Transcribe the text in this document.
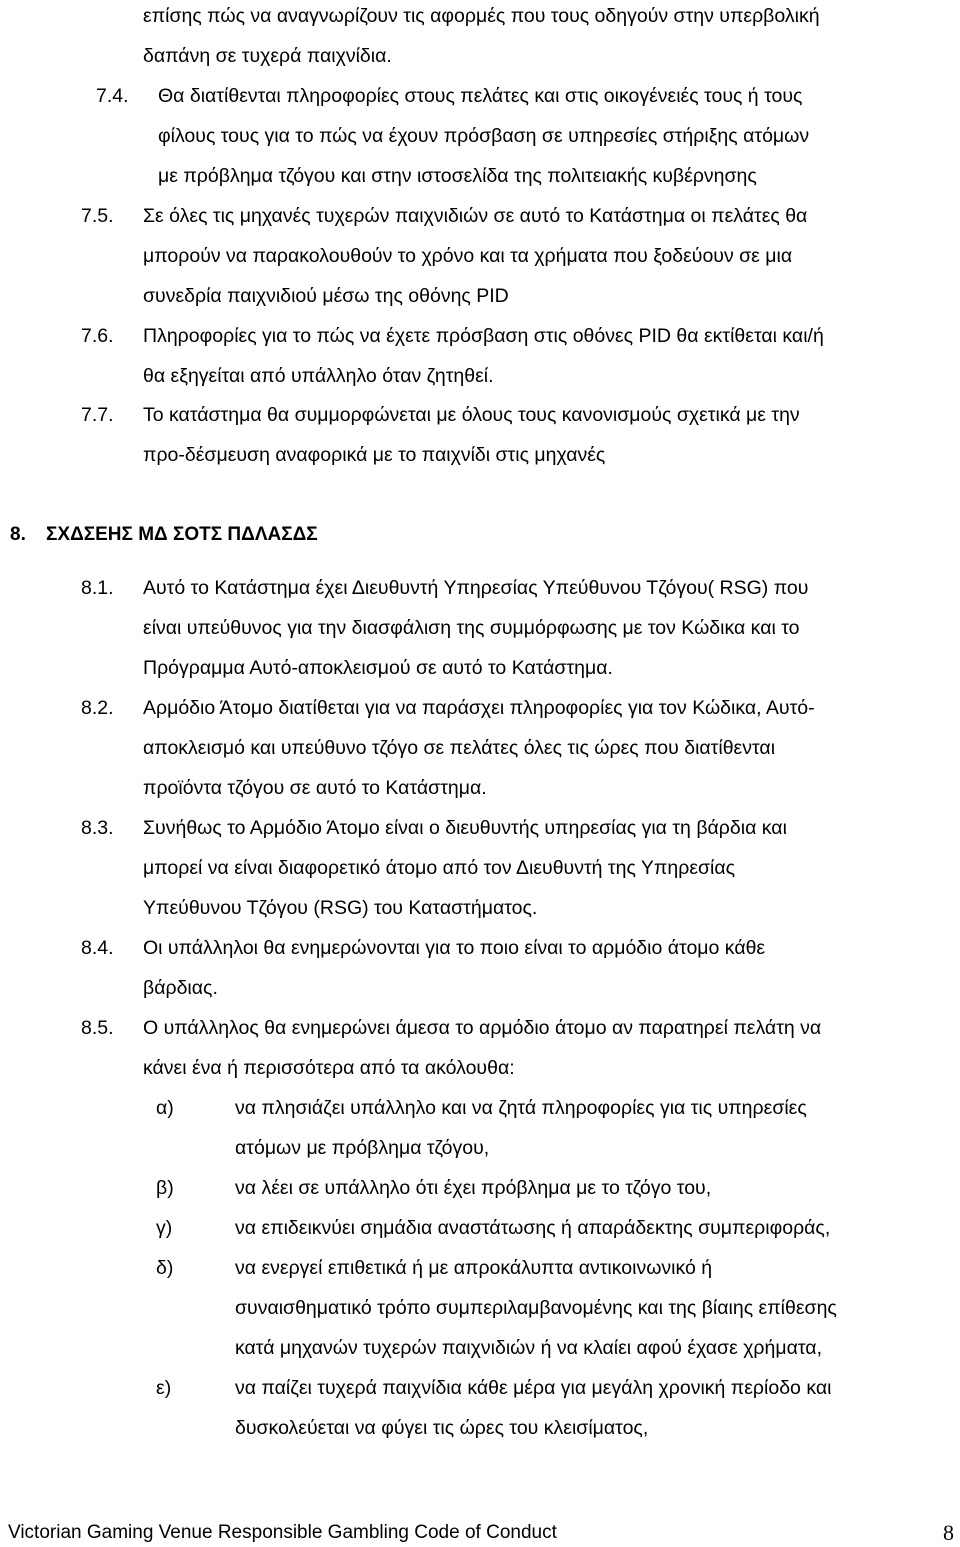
επίσης πώς να αναγνωρίζουν τις αφορμές που τους οδηγούν στην υπερβολική
δαπάνη σε τυχερά παιχνίδια.
7.4. Θα διατίθενται πληροφορίες στους πελάτες και στις οικογένειές τους ή τους
φίλους τους για το πώς να έχουν πρόσβαση σε υπηρεσίες στήριξης ατόμων
με πρόβλημα τζόγου και στην ιστοσελίδα της πολιτειακής κυβέρνησης
7.5. Σε όλες τις μηχανές τυχερών παιχνιδιών σε αυτό το Κατάστημα οι πελάτες θα
μπορούν να παρακολουθούν το χρόνο και τα χρήματα που ξοδεύουν σε μια
συνεδρία παιχνιδιού μέσω της οθόνης PID
7.6. Πληροφορίες για το πώς να έχετε πρόσβαση στις οθόνες PID θα εκτίθεται και/ή
θα εξηγείται από υπάλληλο όταν ζητηθεί.
7.7. Το κατάστημα θα συμμορφώνεται με όλους τους κανονισμούς σχετικά με την
προ-δέσμευση αναφορικά με το παιχνίδι στις μηχανές
8. ΣΧΔΣΕΗΣ ΜΔ ΣΟΤΣ ΠΔΛΑΣΔΣ
8.1. Αυτό το Κατάστημα έχει Διευθυντή Υπηρεσίας Υπεύθυνου Τζόγου( RSG) που
είναι υπεύθυνος για την διασφάλιση της συμμόρφωσης με τον Κώδικα και το
Πρόγραμμα Αυτό-αποκλεισμού σε αυτό το Κατάστημα.
8.2. Αρμόδιο Άτομο διατίθεται για να παράσχει πληροφορίες για τον Κώδικα, Αυτό-
αποκλεισμό και υπεύθυνο τζόγο σε πελάτες όλες τις ώρες που διατίθενται
προϊόντα τζόγου σε αυτό το Κατάστημα.
8.3. Συνήθως το Αρμόδιο Άτομο είναι ο διευθυντής υπηρεσίας για τη βάρδια και
μπορεί να είναι διαφορετικό άτομο από τον Διευθυντή της Υπηρεσίας
Υπεύθυνου Τζόγου (RSG) του Καταστήματος.
8.4. Οι υπάλληλοι θα ενημερώνονται για το ποιο είναι το αρμόδιο άτομο κάθε
βάρδιας.
8.5. Ο υπάλληλος θα ενημερώνει άμεσα το αρμόδιο άτομο αν παρατηρεί πελάτη να
κάνει ένα ή περισσότερα από τα ακόλουθα:
α)	να πλησιάζει υπάλληλο και να ζητά πληροφορίες για τις υπηρεσίες
ατόμων με πρόβλημα τζόγου,
β)	να λέει σε υπάλληλο ότι έχει πρόβλημα με το τζόγο του,
γ)	να επιδεικνύει σημάδια αναστάτωσης ή απαράδεκτης συμπεριφοράς,
δ)	να ενεργεί επιθετικά ή με απροκάλυπτα αντικοινωνικό ή
συναισθηματικό τρόπο συμπεριλαμβανομένης και της βίαιης επίθεσης
κατά μηχανών τυχερών παιχνιδιών ή να κλαίει αφού έχασε χρήματα,
ε)	να παίζει τυχερά παιχνίδια κάθε μέρα για μεγάλη χρονική περίοδο και
δυσκολεύεται να φύγει τις ώρες του κλεισίματος,
Victorian Gaming Venue Responsible Gambling Code of Conduct	8
